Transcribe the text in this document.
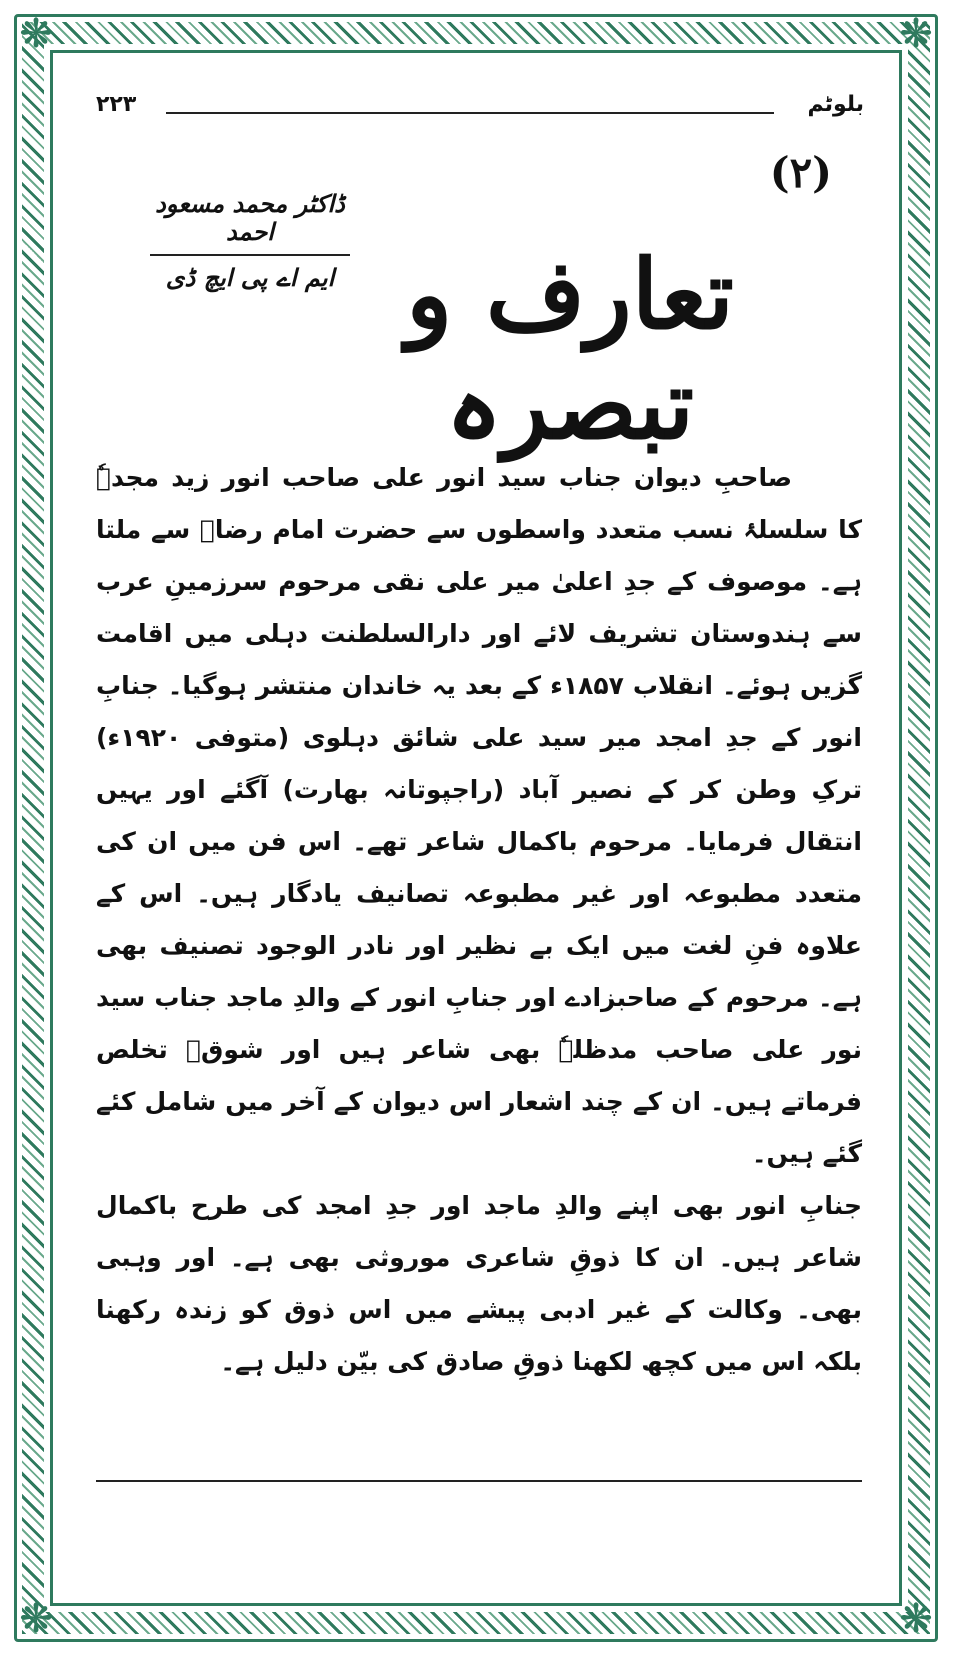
❋	❋
❋	❋
۲۲۳	بلوٹم
(۲)
ڈاکٹر محمد مسعود احمد
ایم اے پی ایچ ڈی تعارف و تبصرہ

صاحبِ دیوان جناب سید انور علی صاحب انور زید مجدہٗ کا سلسلۂ نسب متعدد واسطوں سے حضرت امام رضاؒ سے ملتا ہے۔ موصوف کے جدِ اعلیٰ میر علی نقی مرحوم سرزمینِ عرب سے ہندوستان تشریف لائے اور دارالسلطنت دہلی میں اقامت گزیں ہوئے۔ انقلاب ۱۸۵۷ء کے بعد یہ خاندان منتشر ہوگیا۔ جنابِ انور کے جدِ امجد میر سید علی شائق دہلوی (متوفی ۱۹۲۰ء) ترکِ وطن کر کے نصیر آباد (راجپوتانہ بھارت) آگئے اور یہیں انتقال فرمایا۔ مرحوم باکمال شاعر تھے۔ اس فن میں ان کی متعدد مطبوعہ اور غیر مطبوعہ تصانیف یادگار ہیں۔ اس کے علاوہ فنِ لغت میں ایک بے نظیر اور نادر الوجود تصنیف بھی ہے۔ مرحوم کے صاحبزادے اور جنابِ انور کے والدِ ماجد جناب سید نور علی صاحب مدظلہٗ بھی شاعر ہیں اور شوقؔ تخلص فرماتے ہیں۔ ان کے چند اشعار اس دیوان کے آخر میں شامل کئے گئے ہیں۔

جنابِ انور بھی اپنے والدِ ماجد اور جدِ امجد کی طرح باکمال شاعر ہیں۔ ان کا ذوقِ شاعری موروثی بھی ہے۔ اور وہبی بھی۔ وکالت کے غیر ادبی پیشے میں اس ذوق کو زندہ رکھنا بلکہ اس میں کچھ لکھنا ذوقِ صادق کی بیّن دلیل ہے۔
